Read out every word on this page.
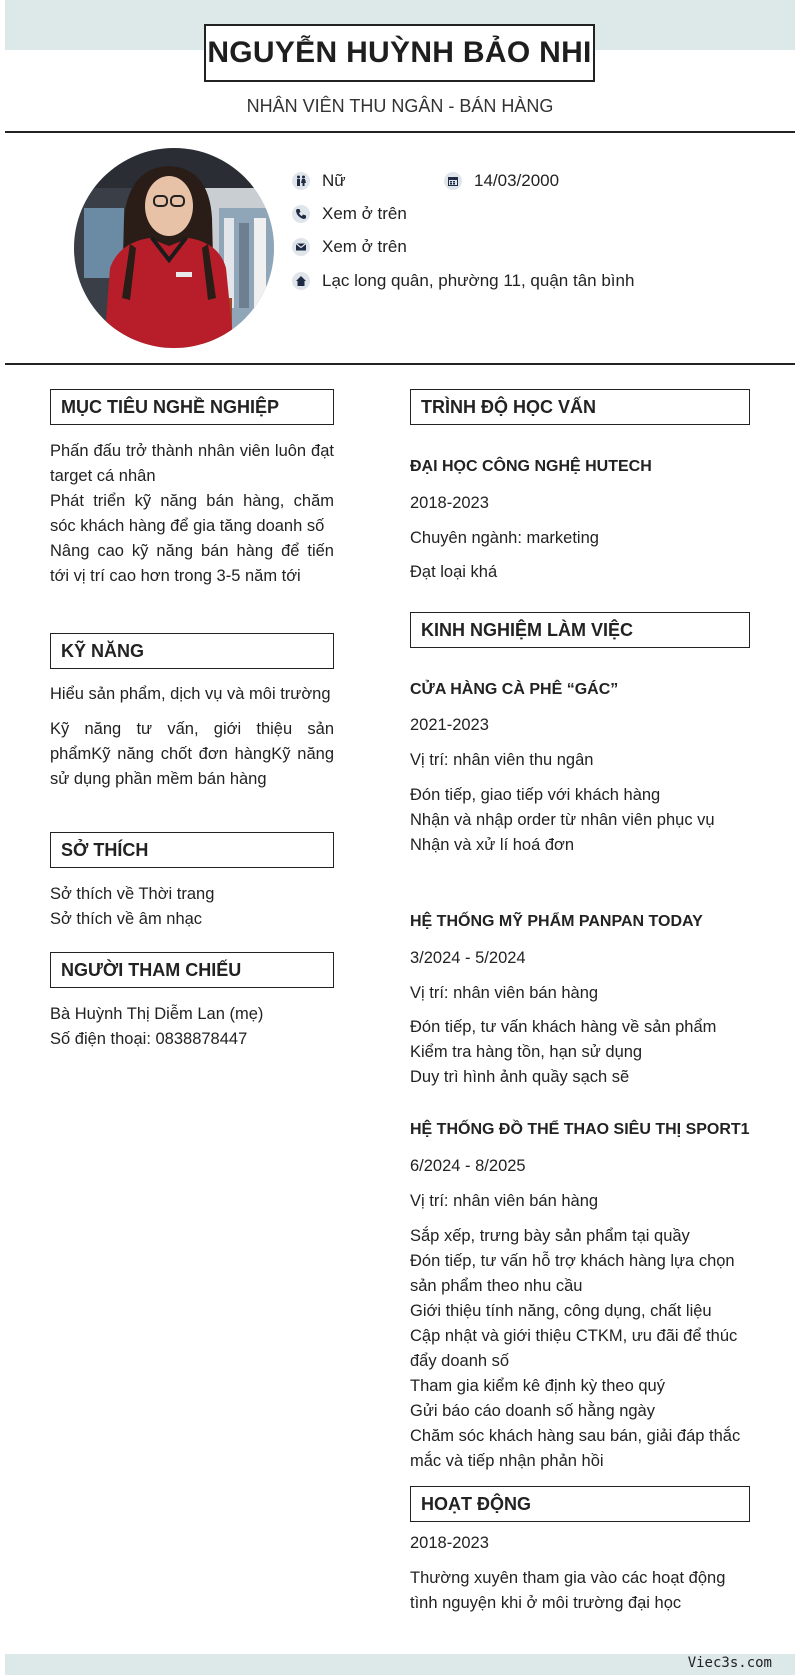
NGUYỄN HUỲNH BẢO NHI
NHÂN VIÊN THU NGÂN - BÁN HÀNG
Nữ	14/03/2000
Xem ở trên
Xem ở trên
Lạc long quân, phường 11, quận tân bình
MỤC TIÊU NGHỀ NGHIỆP
Phấn đấu trở thành nhân viên luôn đạt target cá nhân
Phát triển kỹ năng bán hàng, chăm sóc khách hàng để gia tăng doanh số
Nâng cao kỹ năng bán hàng để tiến tới vị trí cao hơn trong 3-5 năm tới
KỸ NĂNG
Hiểu sản phẩm, dịch vụ và môi trường
Kỹ năng tư vấn, giới thiệu sản phẩmKỹ năng chốt đơn hàngKỹ năng sử dụng phần mềm bán hàng
SỞ THÍCH
Sở thích về Thời trang
Sở thích về âm nhạc
NGƯỜI THAM CHIẾU
Bà Huỳnh Thị Diễm Lan (mẹ)
Số điện thoại: 0838878447
TRÌNH ĐỘ HỌC VẤN
ĐẠI HỌC CÔNG NGHỆ HUTECH
2018-2023
Chuyên ngành: marketing
Đạt loại khá
KINH NGHIỆM LÀM VIỆC
CỬA HÀNG CÀ PHÊ “GÁC”
2021-2023
Vị trí: nhân viên thu ngân
Đón tiếp, giao tiếp với khách hàng
Nhận và nhập order từ nhân viên phục vụ
Nhận và xử lí hoá đơn
HỆ THỐNG MỸ PHẨM PANPAN TODAY
3/2024 - 5/2024
Vị trí: nhân viên bán hàng
Đón tiếp, tư vấn khách hàng về sản phẩm
Kiểm tra hàng tồn, hạn sử dụng
Duy trì hình ảnh quầy sạch sẽ
HỆ THỐNG ĐỒ THỂ THAO SIÊU THỊ SPORT1
6/2024 - 8/2025
Vị trí: nhân viên bán hàng
Sắp xếp, trưng bày sản phẩm tại quầy
Đón tiếp, tư vấn hỗ trợ khách hàng lựa chọn sản phẩm theo nhu cầu
Giới thiệu tính năng, công dụng, chất liệu
Cập nhật và giới thiệu CTKM, ưu đãi để thúc đẩy doanh số
Tham gia kiểm kê định kỳ theo quý
Gửi báo cáo doanh số hằng ngày
Chăm sóc khách hàng sau bán, giải đáp thắc mắc và tiếp nhận phản hồi
HOẠT ĐỘNG
2018-2023
Thường xuyên tham gia vào các hoạt động tình nguyện khi ở môi trường đại học
Viec3s.com
